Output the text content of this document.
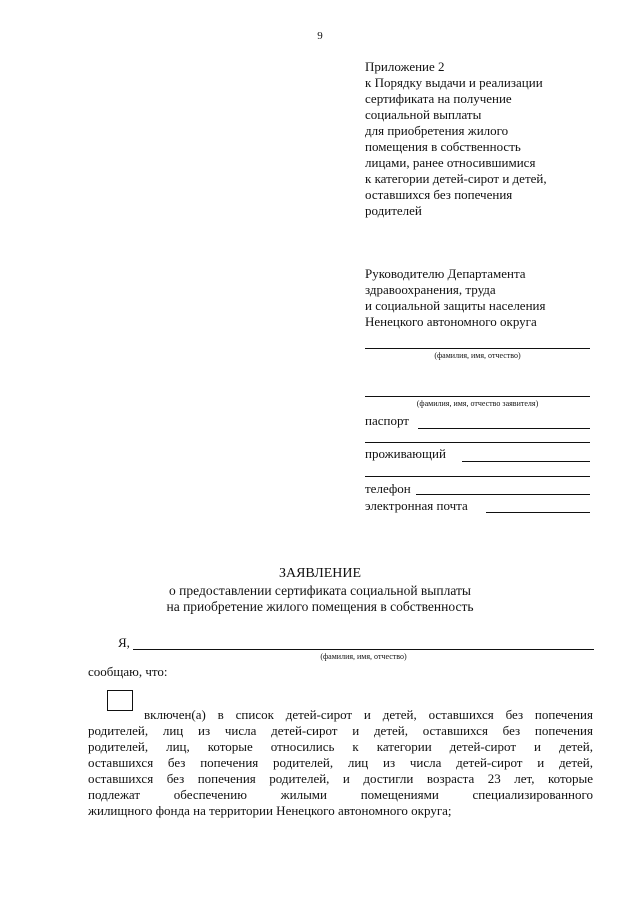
9
Приложение 2
к Порядку выдачи и реализации
сертификата на получение
социальной выплаты
для приобретения жилого
помещения в собственность
лицами, ранее относившимися
к категории детей-сирот и детей,
оставшихся без попечения
родителей
Руководителю Департамента
здравоохранения, труда
и социальной защиты населения
Ненецкого автономного округа
(фамилия, имя, отчество)
(фамилия, имя, отчество заявителя)
паспорт
проживающий
телефон
электронная почта
ЗАЯВЛЕНИЕ
о предоставлении сертификата социальной выплаты
на приобретение жилого помещения в собственность
Я,
(фамилия, имя, отчество)
сообщаю, что:
включен(а) в список детей-сирот и детей, оставшихся без попечения
родителей, лиц из числа детей-сирот и детей, оставшихся без попечения
родителей, лиц, которые относились к категории детей-сирот и детей,
оставшихся без попечения родителей, лиц из числа детей-сирот и детей,
оставшихся без попечения родителей, и достигли возраста 23 лет, которые
подлежат обеспечению жилыми помещениями специализированного
жилищного фонда на территории Ненецкого автономного округа;
